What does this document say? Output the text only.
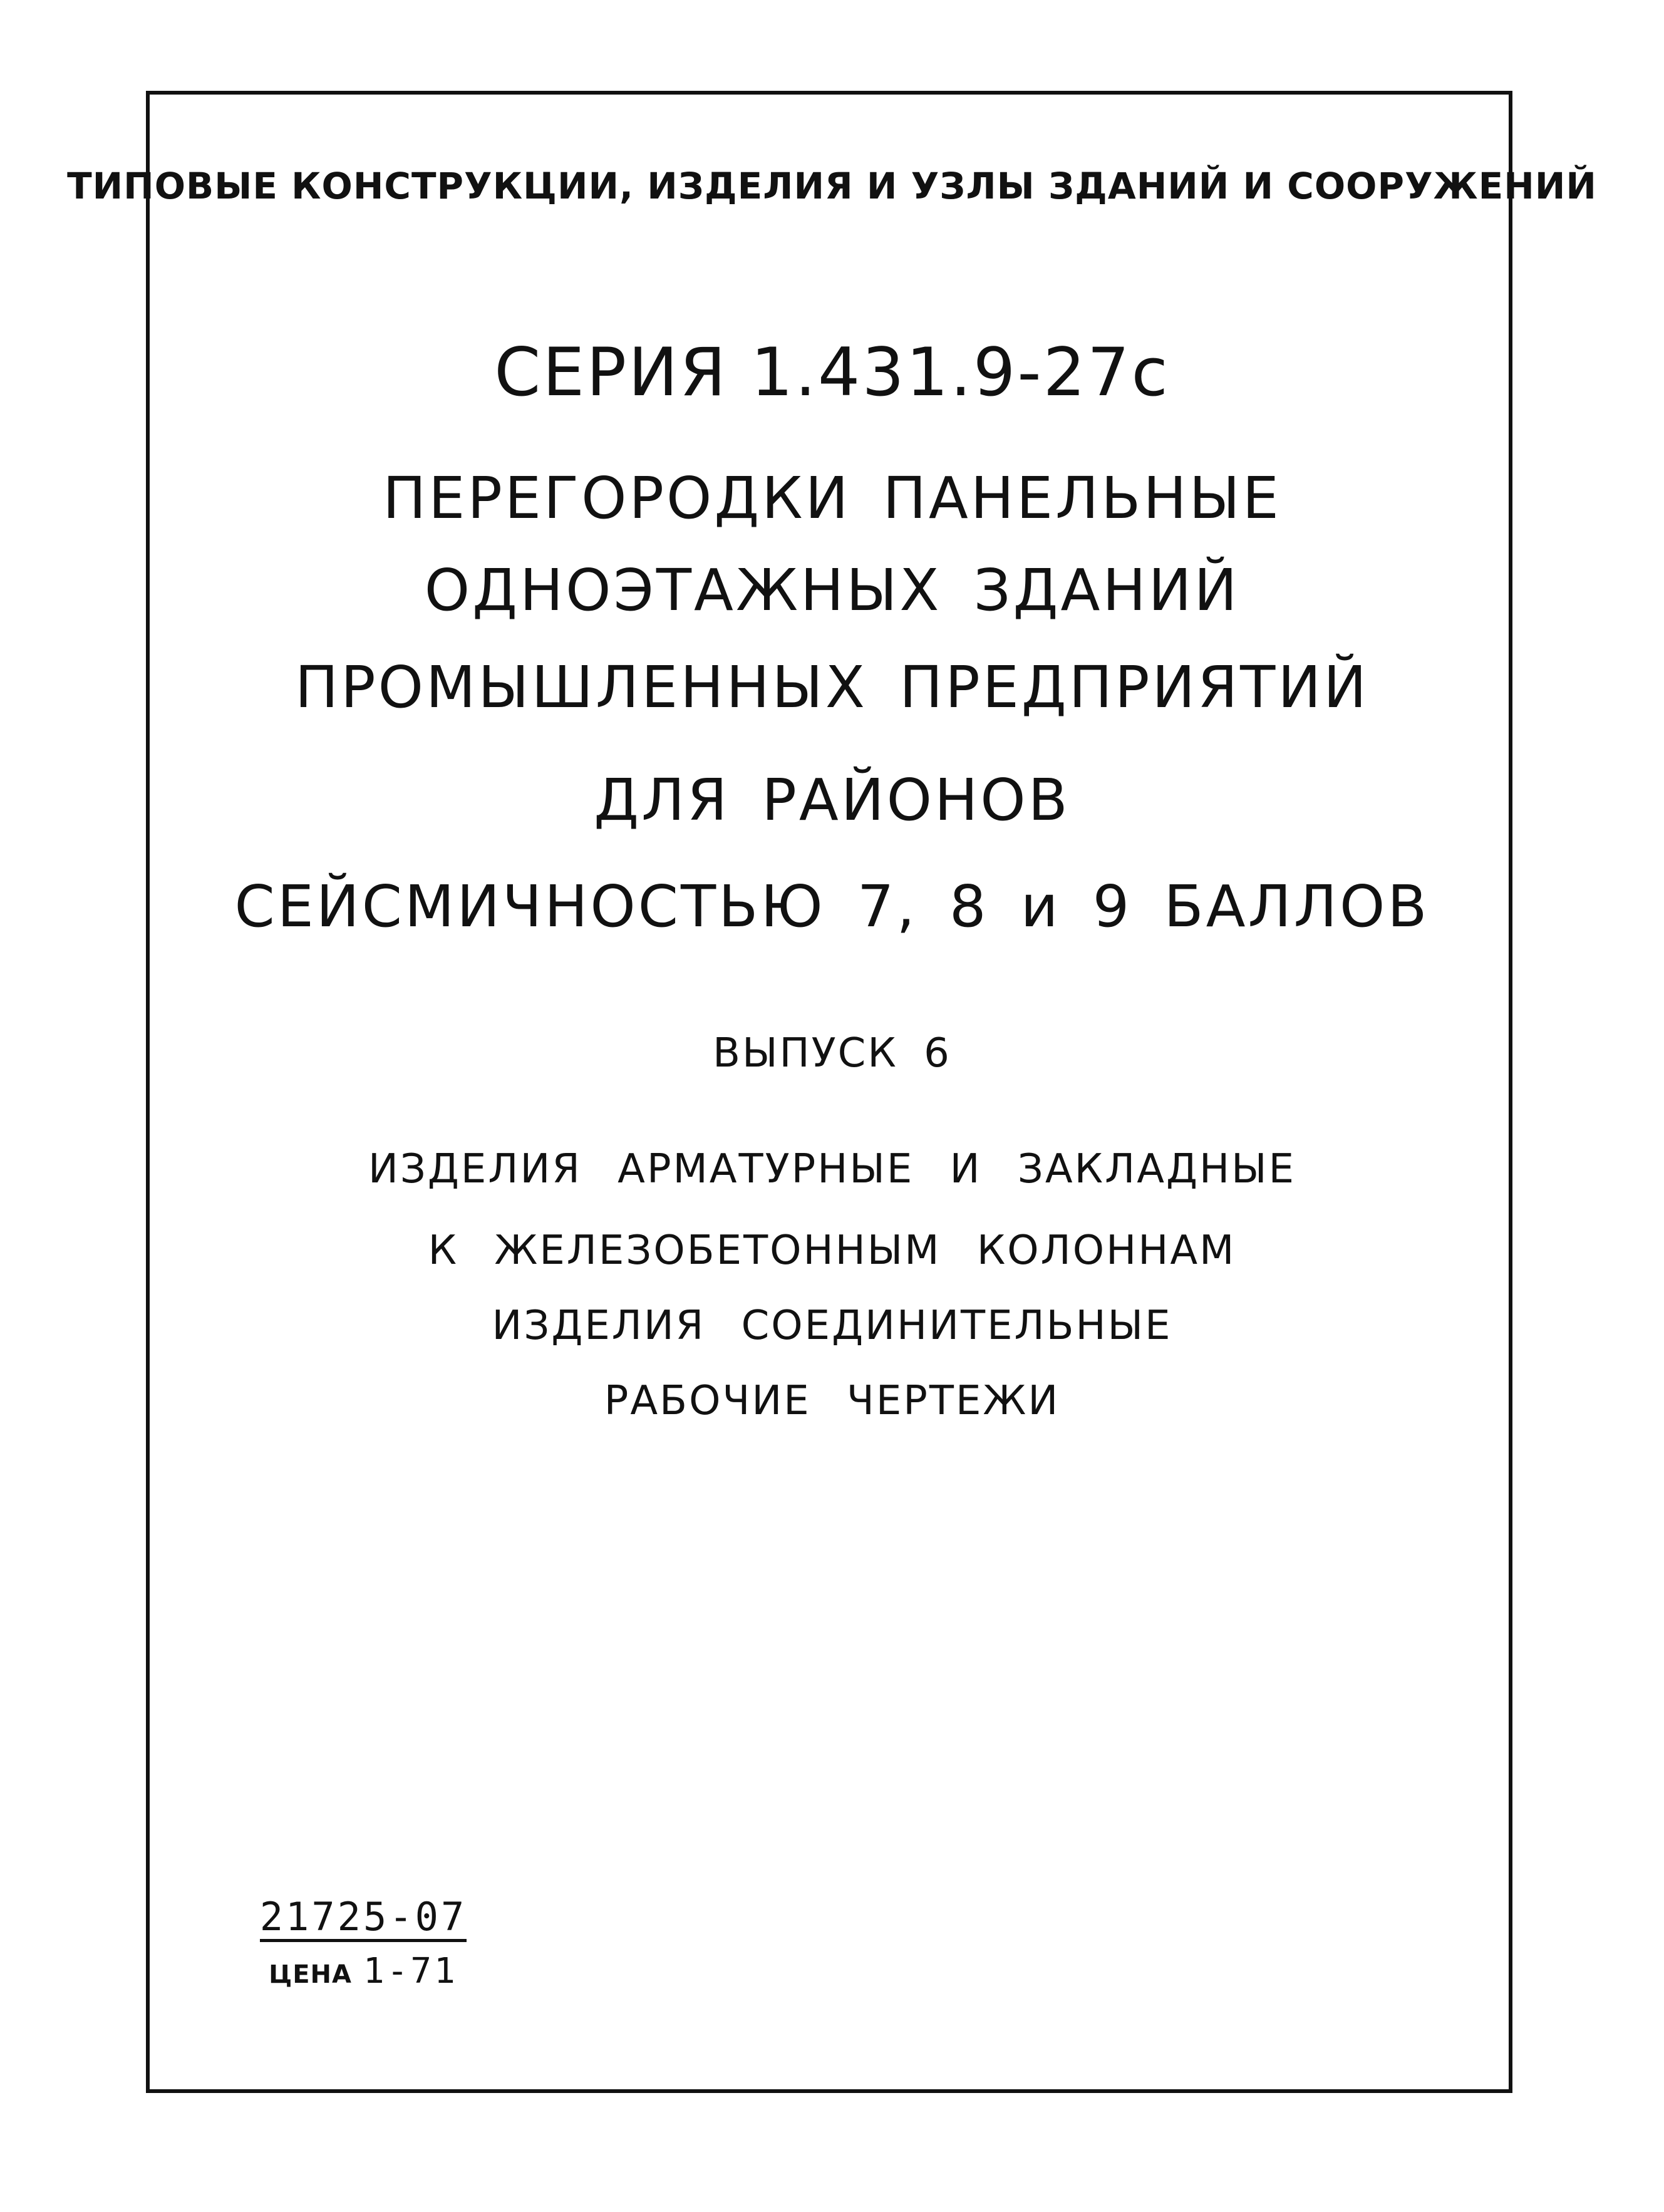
ТИПОВЫЕ КОНСТРУКЦИИ, ИЗДЕЛИЯ И УЗЛЫ ЗДАНИЙ И СООРУЖЕНИЙ
СЕРИЯ 1.431.9-27с
ПЕРЕГОРОДКИ ПАНЕЛЬНЫЕ
ОДНОЭТАЖНЫХ ЗДАНИЙ
ПРОМЫШЛЕННЫХ ПРЕДПРИЯТИЙ
ДЛЯ РАЙОНОВ
СЕЙСМИЧНОСТЬЮ 7, 8 и 9 БАЛЛОВ
ВЫПУСК 6
ИЗДЕЛИЯ АРМАТУРНЫЕ И ЗАКЛАДНЫЕ
К ЖЕЛЕЗОБЕТОННЫМ КОЛОННАМ
ИЗДЕЛИЯ СОЕДИНИТЕЛЬНЫЕ
РАБОЧИЕ ЧЕРТЕЖИ
21725-07
ЦЕНА 1-71
